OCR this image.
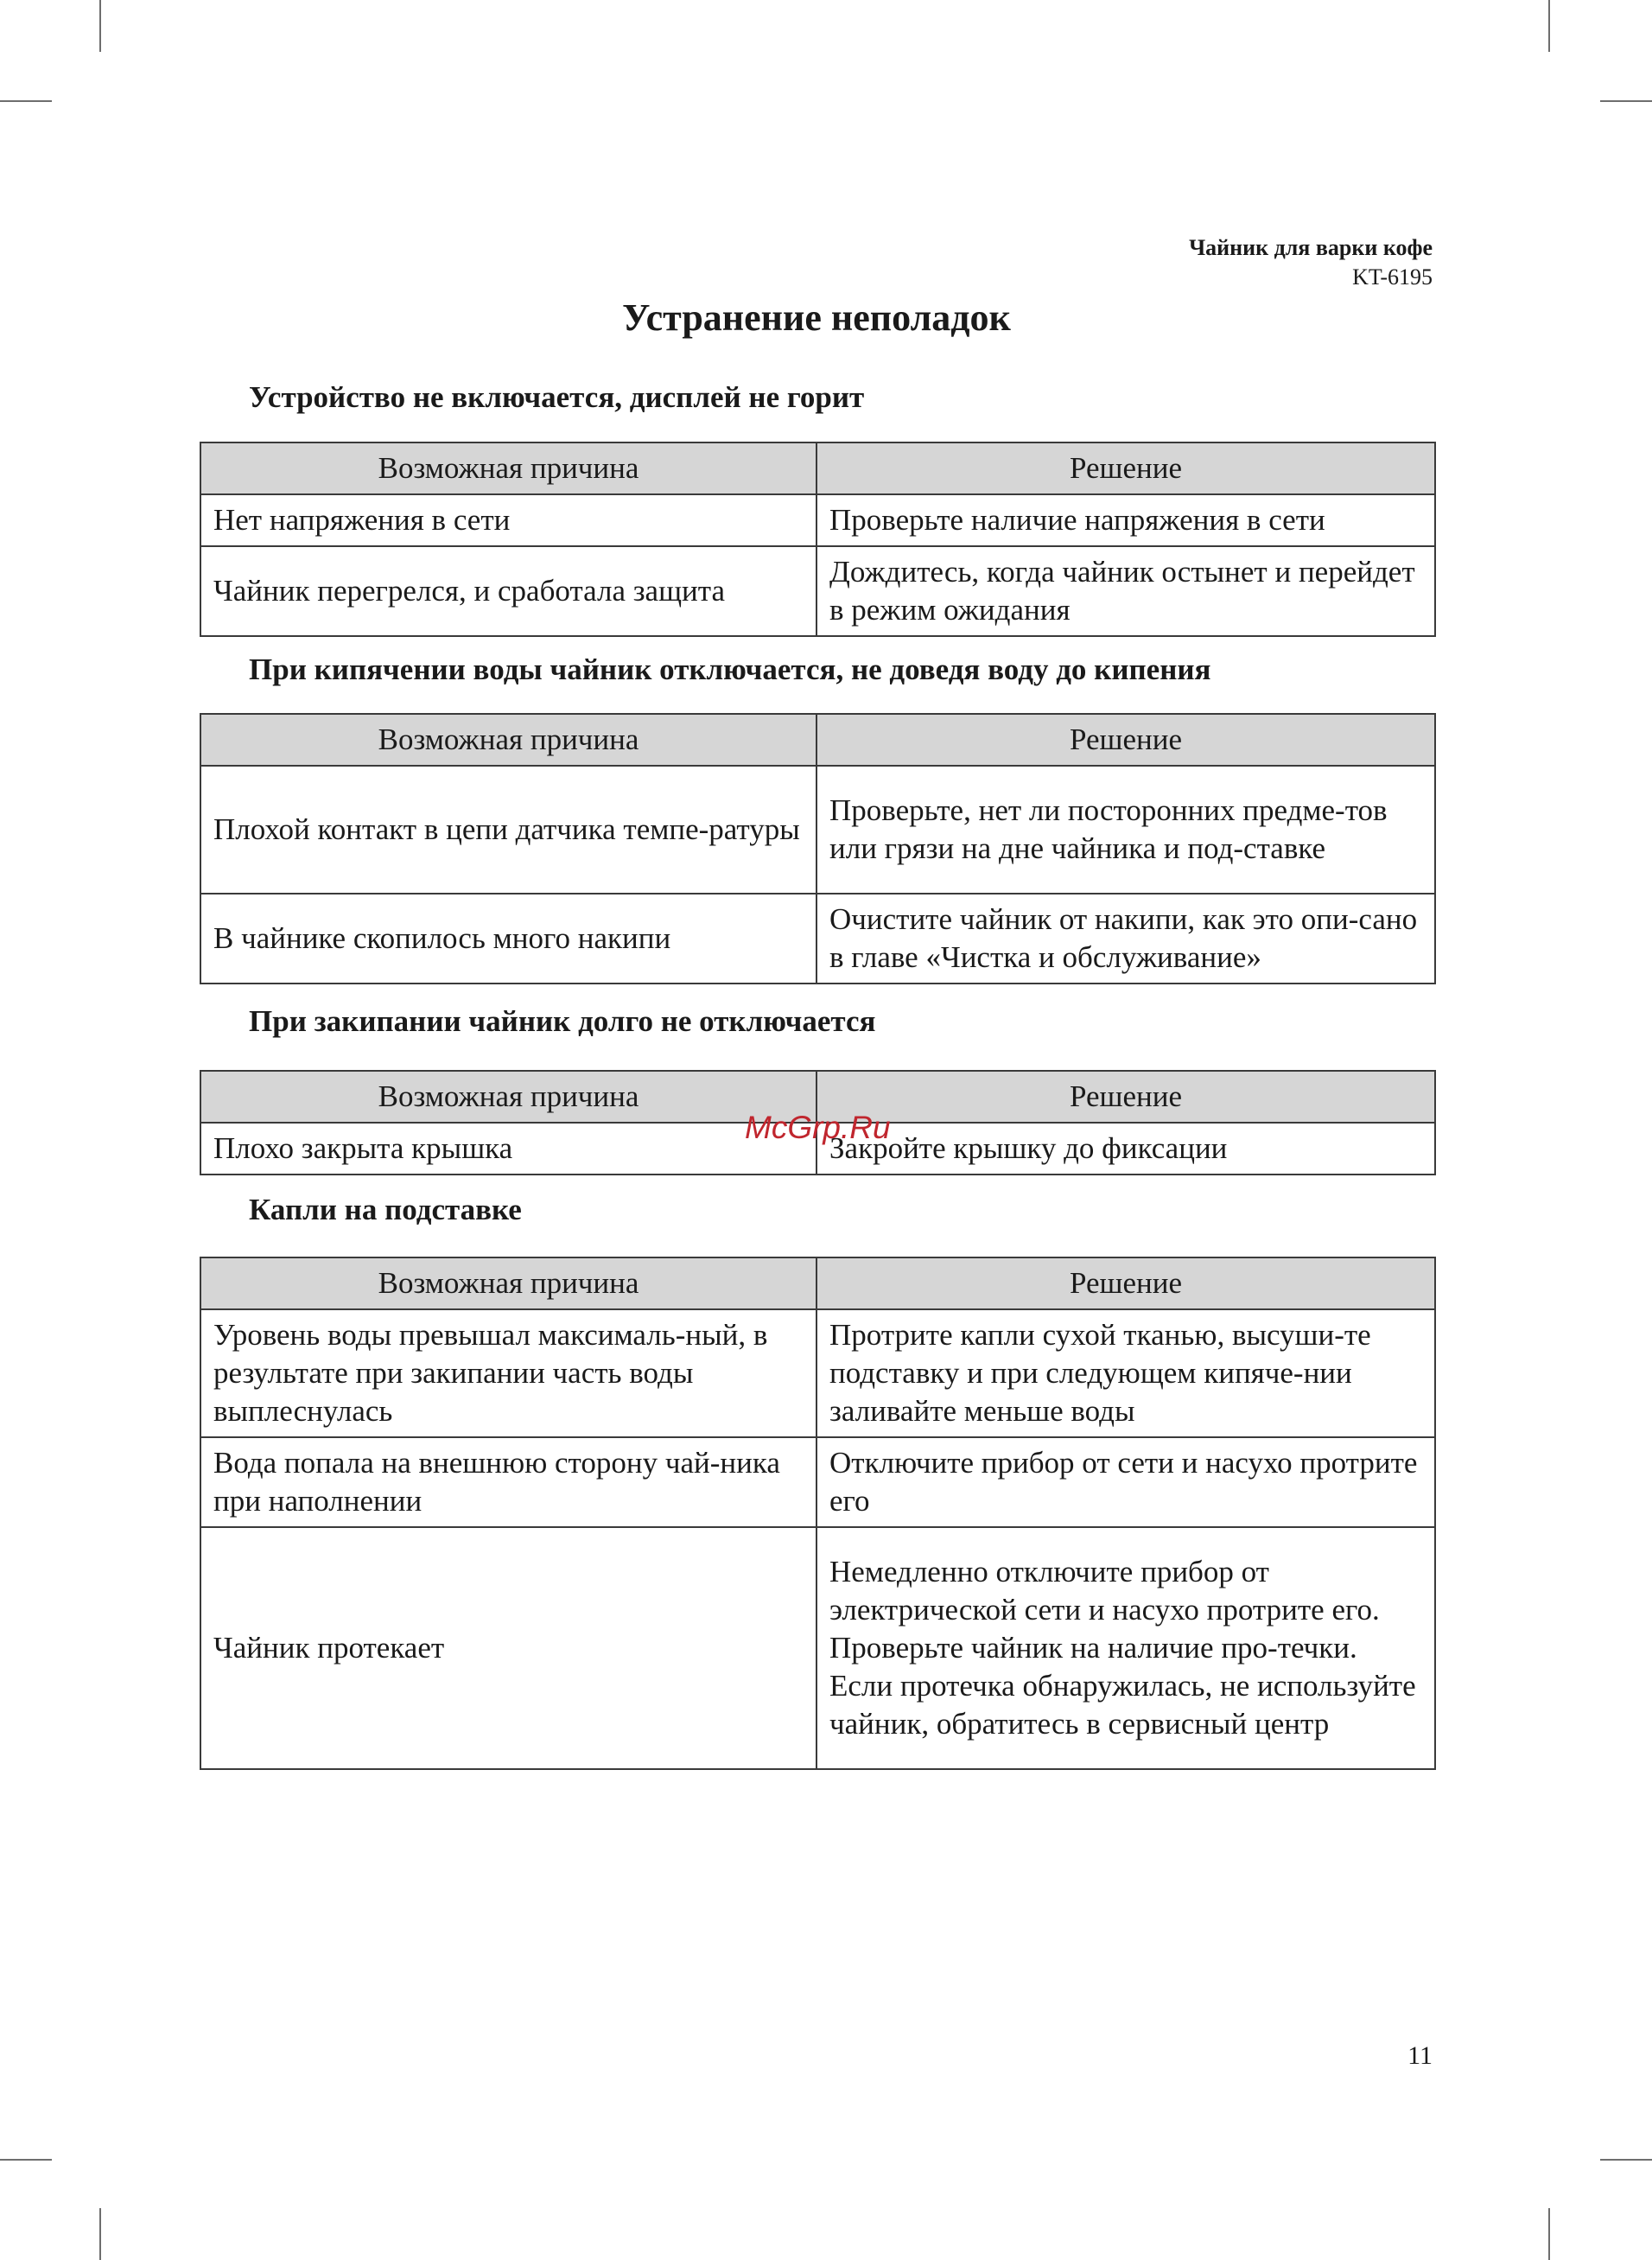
Чайник для варки кофе
KT-6195
Устранение неполадок
Устройство не включается, дисплей не горит
Возможная причина	Решение
Нет напряжения в сети	Проверьте наличие напряжения в сети
Чайник перегрелся, и сработала защита	Дождитесь, когда чайник остынет и перейдет в режим ожидания
При кипячении воды чайник отключается, не доведя воду до кипения
Возможная причина	Решение
Плохой контакт в цепи датчика темпе-ратуры	Проверьте, нет ли посторонних предме-тов или грязи на дне чайника и под-ставке
В чайнике скопилось много накипи	Очистите чайник от накипи, как это опи-сано в главе «Чистка и обслуживание»
При закипании чайник долго не отключается
Возможная причина	Решение
Плохо закрыта крышка	Закройте крышку до фиксации
Капли на подставке
Возможная причина	Решение
Уровень воды превышал максималь-ный, в результате при закипании часть воды выплеснулась	Протрите капли сухой тканью, высуши-те подставку и при следующем кипяче-нии заливайте меньше воды
Вода попала на внешнюю сторону чай-ника при наполнении	Отключите прибор от сети и насухо протрите его
Чайник протекает	Немедленно отключите прибор от электрической сети и насухо протрите его. Проверьте чайник на наличие про-течки. Если протечка обнаружилась, не используйте чайник, обратитесь в сервисный центр
McGrp.Ru
11
